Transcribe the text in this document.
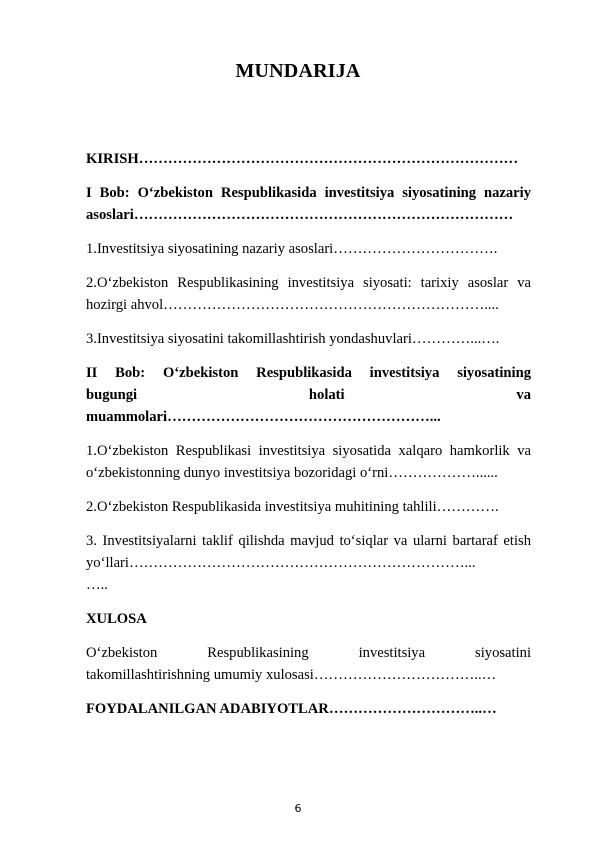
MUNDARIJA

KIRISH……………………………………………………………………

I Bob: O‘zbekiston Respublikasida investitsiya siyosatining nazariy asoslari……………………………………………………………………

1.Investitsiya siyosatining nazariy asoslari…………………………….

2.O‘zbekiston Respublikasining investitsiya siyosati: tarixiy asoslar va hozirgi ahvol…………………………………………………………....

3.Investitsiya siyosatini takomillashtirish yondashuvlari…………...….

II Bob: O‘zbekiston Respublikasida investitsiya siyosatining

bugungi holati va

muammolari………………………………………………...

1.O‘zbekiston Respublikasi investitsiya siyosatida xalqaro hamkorlik va o‘zbekistonning dunyo investitsiya bozoridagi o‘rni………………......

2.O‘zbekiston Respublikasida investitsiya muhitining tahlili………….

3. Investitsiyalarni taklif qilishda mavjud to‘siqlar va ularni bartaraf etish yo‘llari……………………………………………………………...

…..

XULOSA

O‘zbekiston Respublikasining investitsiya siyosatini

takomillashtirishning umumiy xulosasi……………………………..…

FOYDALANILGAN ADABIYOTLAR…………………………..…

6
